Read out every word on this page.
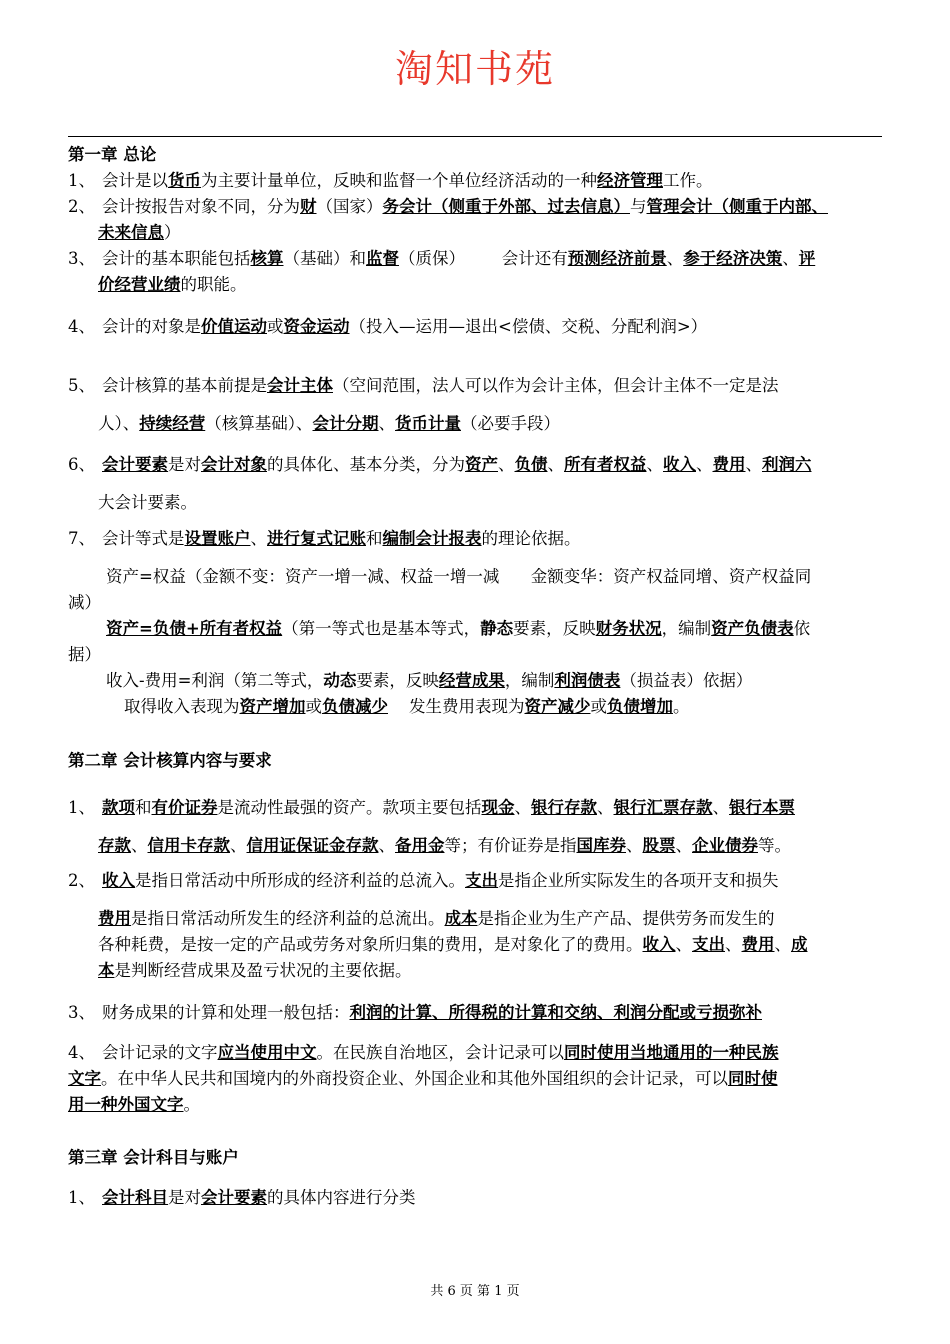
淘知书苑
第一章 总论
1、 会计是以货币为主要计量单位，反映和监督一个单位经济活动的一种经济管理工作。
2、 会计按报告对象不同，分为财（国家）务会计（侧重于外部、过去信息）与管理会计（侧重于内部、
未来信息）
3、 会计的基本职能包括核算（基础）和监督（质保）       会计还有预测经济前景、参于经济决策、评
价经营业绩的职能。
4、 会计的对象是价值运动或资金运动（投入—运用—退出<偿债、交税、分配利润>）
5、 会计核算的基本前提是会计主体（空间范围，法人可以作为会计主体，但会计主体不一定是法
人）、持续经营（核算基础）、会计分期、货币计量（必要手段）
6、 会计要素是对会计对象的具体化、基本分类，分为资产、负债、所有者权益、收入、费用、利润六
大会计要素。
7、 会计等式是设置账户、进行复式记账和编制会计报表的理论依据。
资产=权益（金额不变：资产一增一减、权益一增一减      金额变华：资产权益同增、资产权益同
减）
资产=负债+所有者权益（第一等式也是基本等式，静态要素，反映财务状况，编制资产负债表依
据）
收入-费用=利润（第二等式，动态要素，反映经营成果，编制利润债表（损益表）依据）
取得收入表现为资产增加或负债减少    发生费用表现为资产减少或负债增加。
第二章 会计核算内容与要求
1、 款项和有价证券是流动性最强的资产。款项主要包括现金、银行存款、银行汇票存款、银行本票
存款、信用卡存款、信用证保证金存款、备用金等；有价证券是指国库券、股票、企业债券等。
2、 收入是指日常活动中所形成的经济利益的总流入。支出是指企业所实际发生的各项开支和损失
费用是指日常活动所发生的经济利益的总流出。成本是指企业为生产产品、提供劳务而发生的
各种耗费，是按一定的产品或劳务对象所归集的费用，是对象化了的费用。收入、支出、费用、成
本是判断经营成果及盈亏状况的主要依据。
3、 财务成果的计算和处理一般包括：利润的计算、所得税的计算和交纳、利润分配或亏损弥补
4、 会计记录的文字应当使用中文。在民族自治地区，会计记录可以同时使用当地通用的一种民族
文字。在中华人民共和国境内的外商投资企业、外国企业和其他外国组织的会计记录，可以同时使
用一种外国文字。
第三章 会计科目与账户
1、 会计科目是对会计要素的具体内容进行分类
共 6 页 第 1 页
